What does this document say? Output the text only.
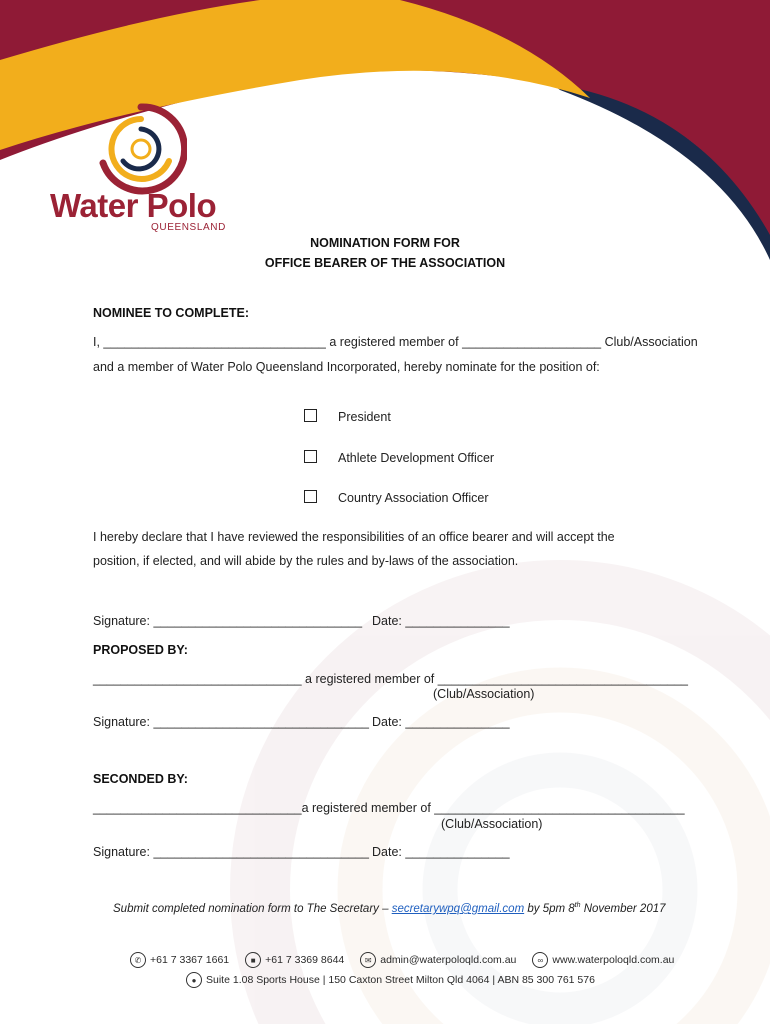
Water Polo
QUEENSLAND
NOMINATION FORM FOR
OFFICE BEARER OF THE ASSOCIATION
NOMINEE TO COMPLETE:
I, ________________________________ a registered member of ____________________ Club/Association
and a member of Water Polo Queensland Incorporated, hereby nominate for the position of:
President
Athlete Development Officer
Country Association Officer
I hereby declare that I have reviewed the responsibilities of an office bearer and will accept the
position, if elected, and will abide by the rules and by-laws of the association.
Signature: ______________________________ Date: _______________
PROPOSED BY:
______________________________ a registered member of ____________________________________
(Club/Association)
Signature: _______________________________ Date: _______________
SECONDED BY:
______________________________a registered member of ____________________________________
(Club/Association)
Signature: _______________________________ Date: _______________
Submit completed nomination form to The Secretary – secretarywpq@gmail.com by 5pm 8th November 2017
✆ +61 7 3367 1661	■ +61 7 3369 8644	✉ admin@waterpoloqld.com.au	∞ www.waterpoloqld.com.au
● Suite 1.08 Sports House | 150 Caxton Street Milton Qld 4064 | ABN 85 300 761 576
